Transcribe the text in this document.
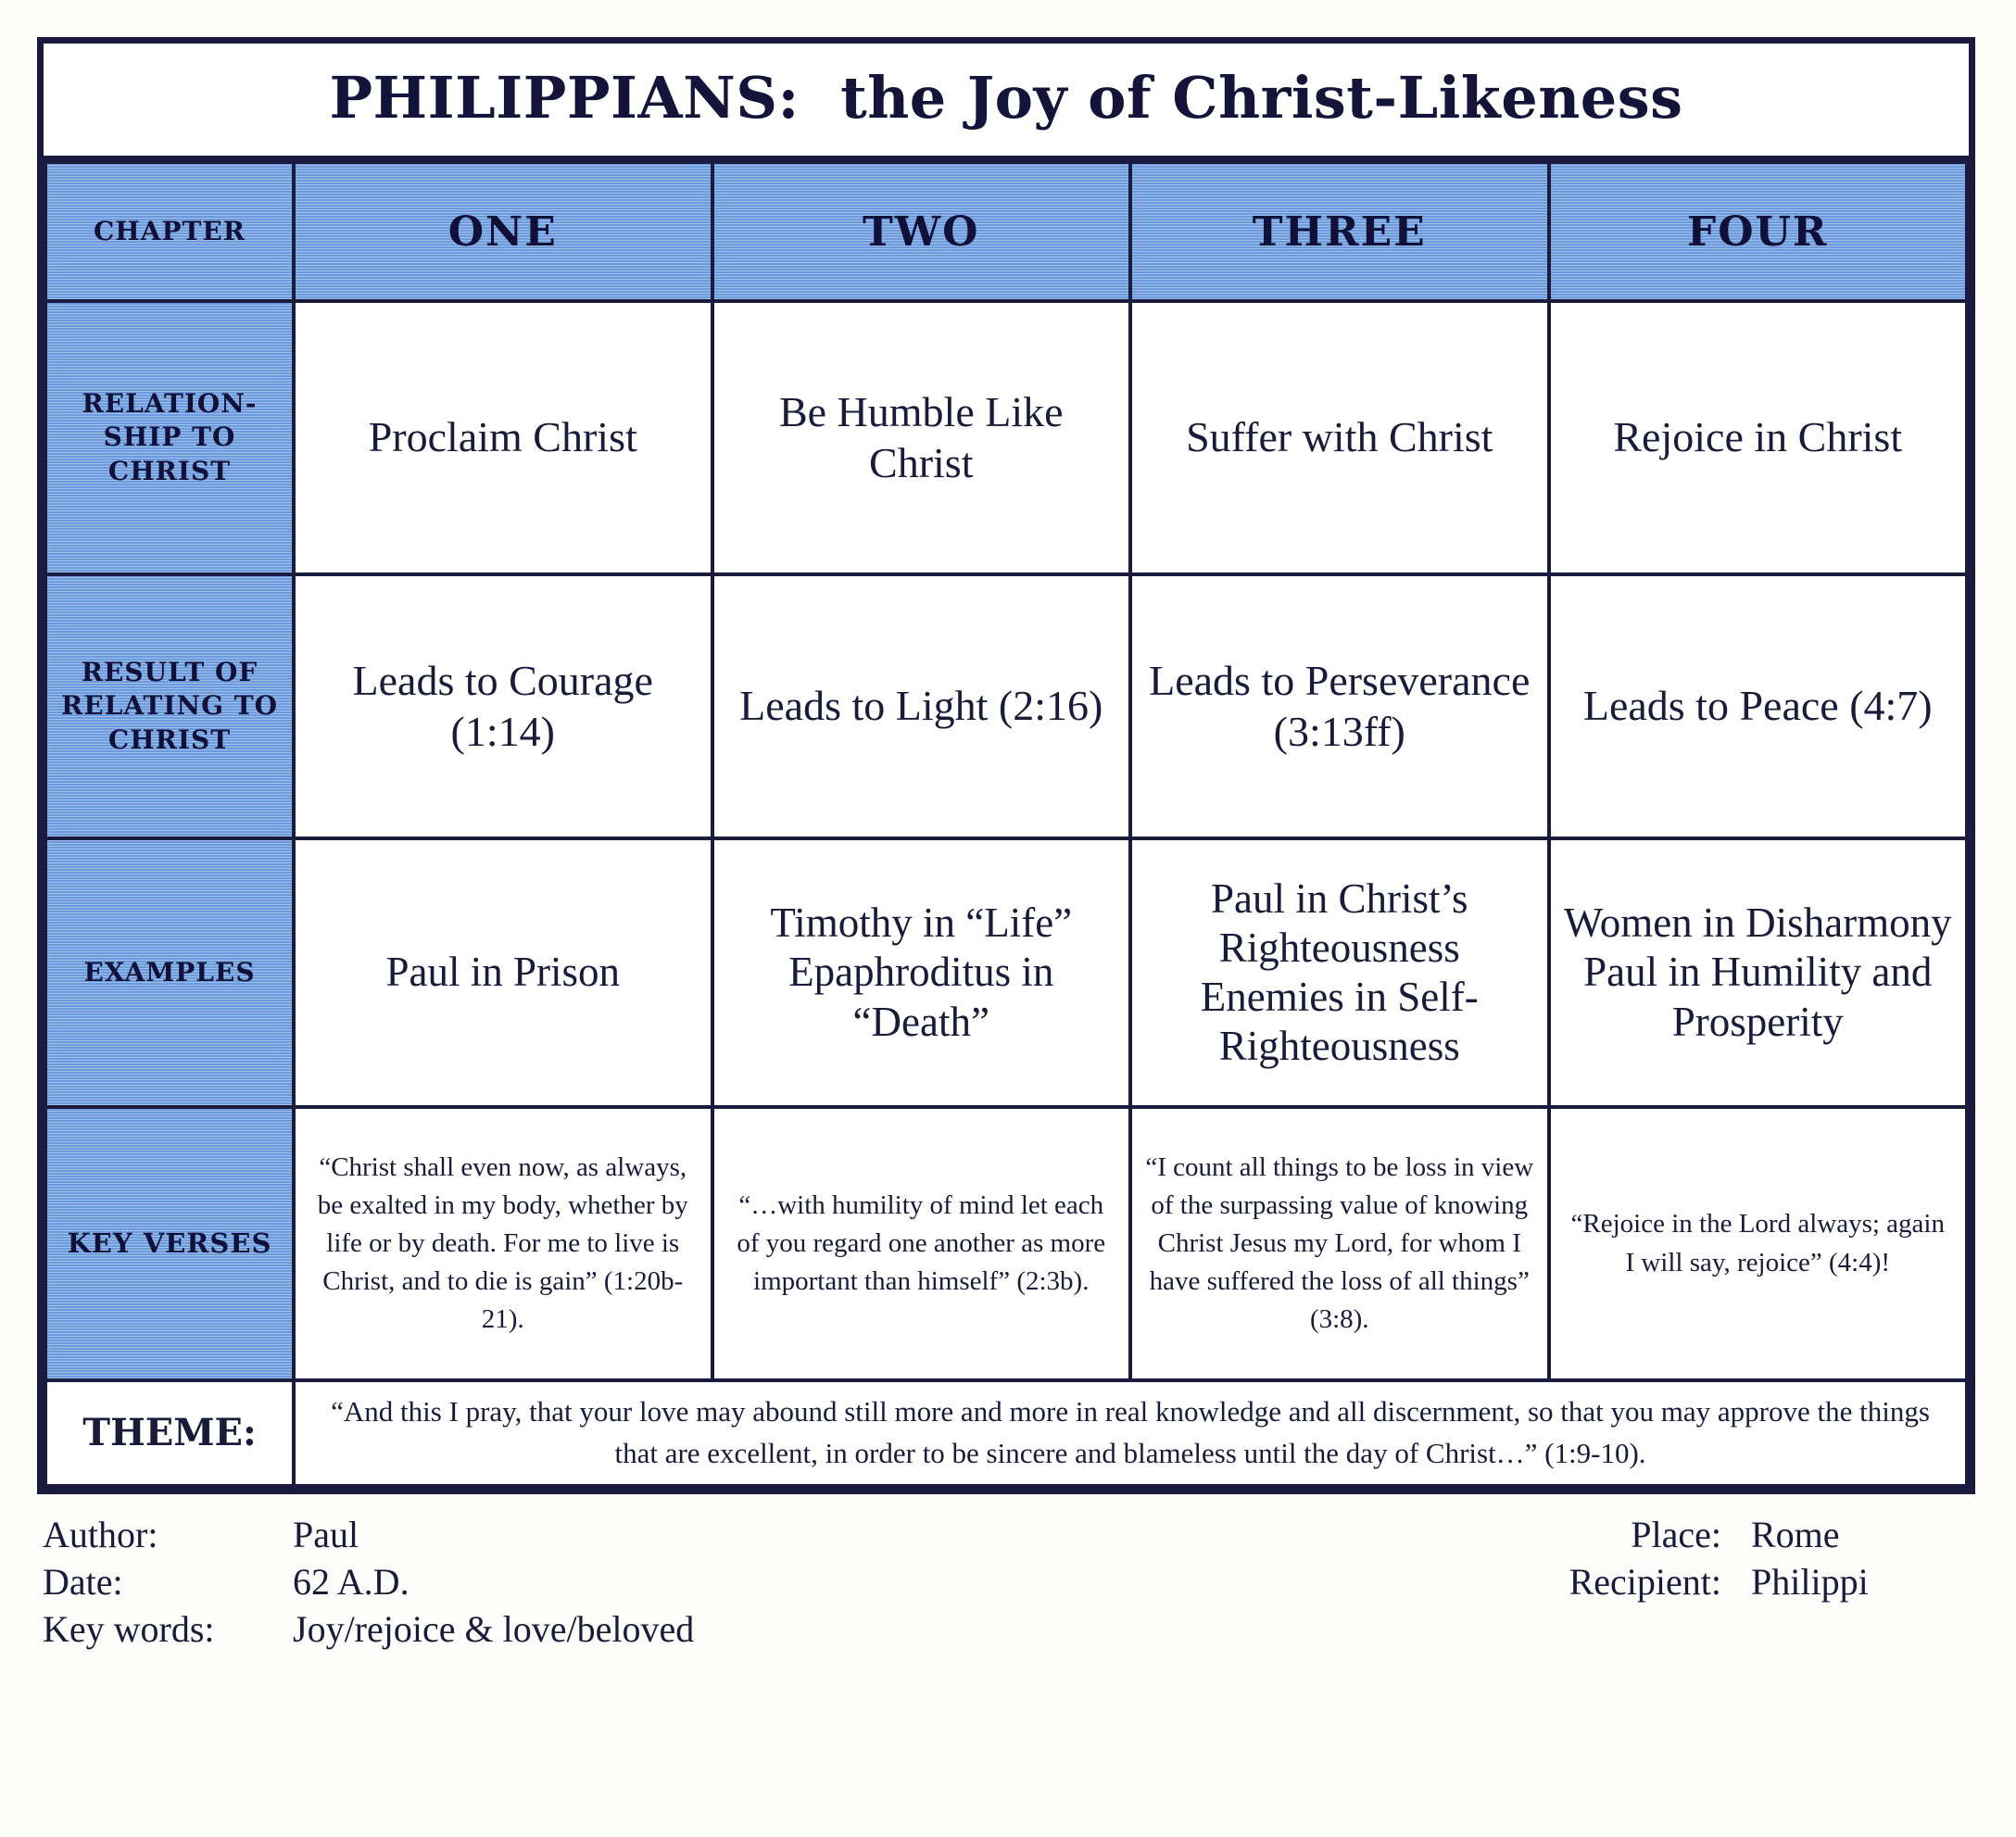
PHILIPPIANS:  the Joy of Christ-Likeness
CHAPTER	ONE	TWO	THREE	FOUR
RELATION-SHIP TO CHRIST	Proclaim Christ	Be Humble Like Christ	Suffer with Christ	Rejoice in Christ
RESULT OF RELATING TO CHRIST	Leads to Courage (1:14)	Leads to Light (2:16)	Leads to Perseverance (3:13ff)	Leads to Peace (4:7)
EXAMPLES	Paul in Prison	Timothy in “Life” Epaphroditus in “Death”	Paul in Christ’s Righteousness Enemies in Self-Righteousness	Women in Disharmony Paul in Humility and Prosperity
KEY VERSES	“Christ shall even now, as always, be exalted in my body, whether by life or by death. For me to live is Christ, and to die is gain” (1:20b-21).	“…with humility of mind let each of you regard one another as more important than himself” (2:3b).	“I count all things to be loss in view of the surpassing value of knowing Christ Jesus my Lord, for whom I have suffered the loss of all things” (3:8).	“Rejoice in the Lord always; again I will say, rejoice” (4:4)!
THEME:	“And this I pray, that your love may abound still more and more in real knowledge and all discernment, so that you may approve the things that are excellent, in order to be sincere and blameless until the day of Christ…” (1:9-10).			
Author:	Paul
Date:	62 A.D.
Key words:	Joy/rejoice & love/beloved
Place: Rome
Recipient: Philippi
